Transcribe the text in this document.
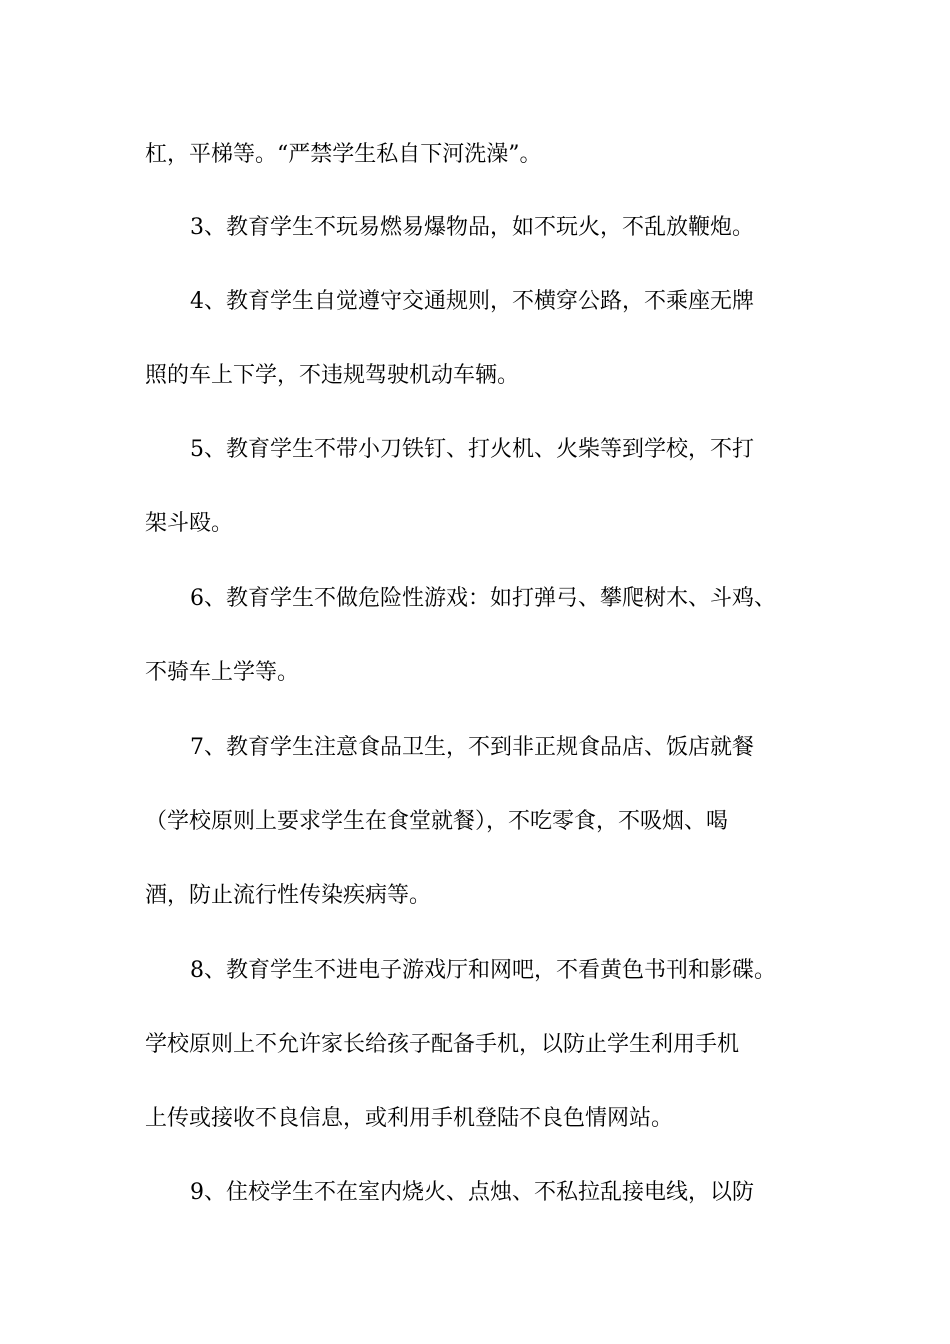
杠，平梯等。“严禁学生私自下河洗澡”。
3、教育学生不玩易燃易爆物品，如不玩火，不乱放鞭炮。
4、教育学生自觉遵守交通规则，不横穿公路，不乘座无牌
照的车上下学，不违规驾驶机动车辆。
5、教育学生不带小刀铁钉、打火机、火柴等到学校，不打
架斗殴。
6、教育学生不做危险性游戏：如打弹弓、攀爬树木、斗鸡、
不骑车上学等。
7、教育学生注意食品卫生，不到非正规食品店、饭店就餐
（学校原则上要求学生在食堂就餐），不吃零食，不吸烟、喝
酒，防止流行性传染疾病等。
8、教育学生不进电子游戏厅和网吧，不看黄色书刊和影碟。
学校原则上不允许家长给孩子配备手机，以防止学生利用手机
上传或接收不良信息，或利用手机登陆不良色情网站。
9、住校学生不在室内烧火、点烛、不私拉乱接电线，以防
